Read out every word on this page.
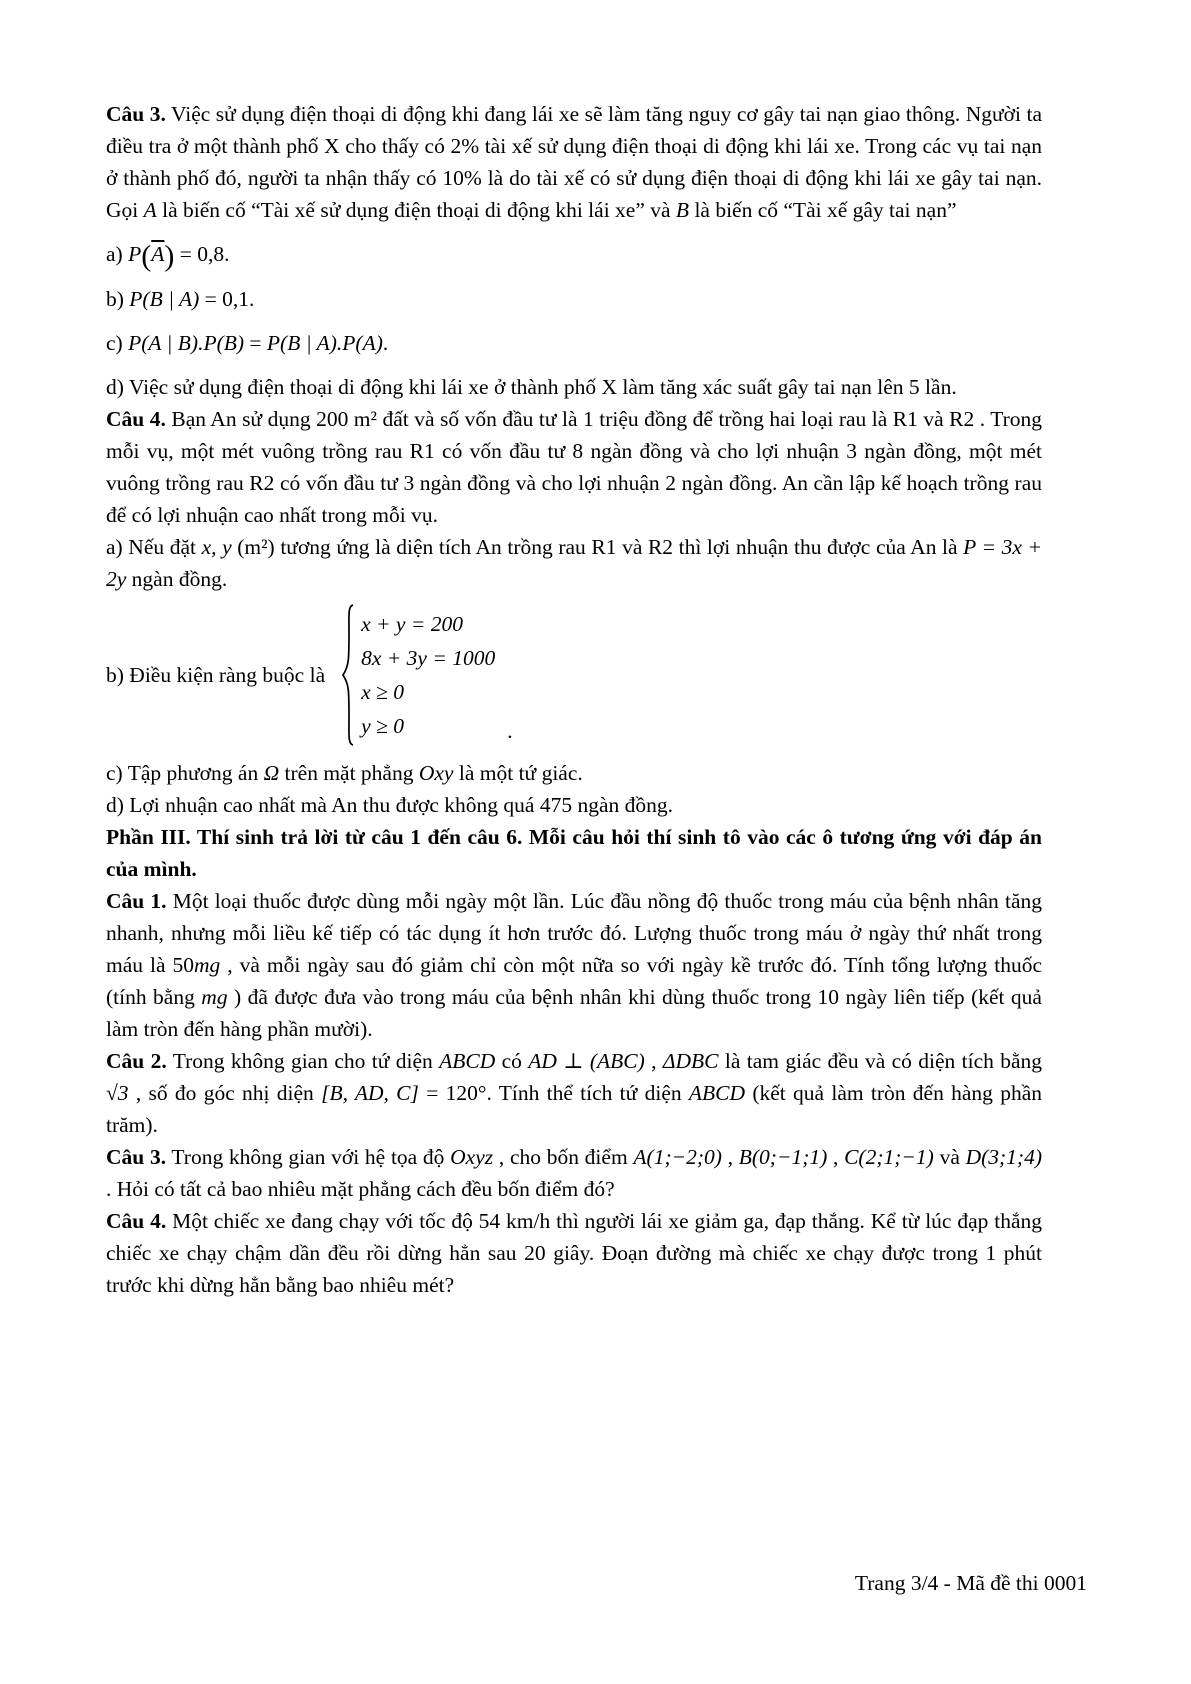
Câu 3. Việc sử dụng điện thoại di động khi đang lái xe sẽ làm tăng nguy cơ gây tai nạn giao thông. Người ta điều tra ở một thành phố X cho thấy có 2% tài xế sử dụng điện thoại di động khi lái xe. Trong các vụ tai nạn ở thành phố đó, người ta nhận thấy có 10% là do tài xế có sử dụng điện thoại di động khi lái xe gây tai nạn. Gọi A là biến cố “Tài xế sử dụng điện thoại di động khi lái xe” và B là biến cố “Tài xế gây tai nạn”

a) $P(\overline{A}) = 0,8$.
b) P(B | A) = 0,1.
c) P(A | B).P(B) = P(B | A).P(A).

d) Việc sử dụng điện thoại di động khi lái xe ở thành phố X làm tăng xác suất gây tai nạn lên 5 lần.

Câu 4. Bạn An sử dụng 200 m² đất và số vốn đầu tư là 1 triệu đồng để trồng hai loại rau là R1 và R2 . Trong mỗi vụ, một mét vuông trồng rau R1 có vốn đầu tư 8 ngàn đồng và cho lợi nhuận 3 ngàn đồng, một mét vuông trồng rau R2 có vốn đầu tư 3 ngàn đồng và cho lợi nhuận 2 ngàn đồng. An cần lập kế hoạch trồng rau để có lợi nhuận cao nhất trong mỗi vụ.

a) Nếu đặt x, y (m²) tương ứng là diện tích An trồng rau R1 và R2 thì lợi nhuận thu được của An là P = 3x + 2y ngàn đồng.

b) Điều kiện ràng buộc là
x + y = 200
8x + 3y = 1000
x ≥ 0
y ≥ 0	.

c) Tập phương án Ω trên mặt phẳng Oxy là một tứ giác.

d) Lợi nhuận cao nhất mà An thu được không quá 475 ngàn đồng.

Phần III. Thí sinh trả lời từ câu 1 đến câu 6. Mỗi câu hỏi thí sinh tô vào các ô tương ứng với đáp án của mình.

Câu 1. Một loại thuốc được dùng mỗi ngày một lần. Lúc đầu nồng độ thuốc trong máu của bệnh nhân tăng nhanh, nhưng mỗi liều kế tiếp có tác dụng ít hơn trước đó. Lượng thuốc trong máu ở ngày thứ nhất trong máu là 50mg , và mỗi ngày sau đó giảm chỉ còn một nữa so với ngày kề trước đó. Tính tổng lượng thuốc (tính bằng mg ) đã được đưa vào trong máu của bệnh nhân khi dùng thuốc trong 10 ngày liên tiếp (kết quả làm tròn đến hàng phần mười).

Câu 2. Trong không gian cho tứ diện ABCD có AD ⊥ (ABC) , ΔDBC là tam giác đều và có diện tích bằng √3 , số đo góc nhị diện [B, AD, C] = 120°. Tính thể tích tứ diện ABCD (kết quả làm tròn đến hàng phần trăm).

Câu 3. Trong không gian với hệ tọa độ Oxyz , cho bốn điểm A(1;−2;0) , B(0;−1;1) , C(2;1;−1) và D(3;1;4) . Hỏi có tất cả bao nhiêu mặt phẳng cách đều bốn điểm đó?

Câu 4. Một chiếc xe đang chạy với tốc độ 54 km/h thì người lái xe giảm ga, đạp thắng. Kể từ lúc đạp thắng chiếc xe chạy chậm dần đều rồi dừng hẳn sau 20 giây. Đoạn đường mà chiếc xe chạy được trong 1 phút trước khi dừng hẳn bằng bao nhiêu mét?

Trang 3/4 - Mã đề thi 0001
